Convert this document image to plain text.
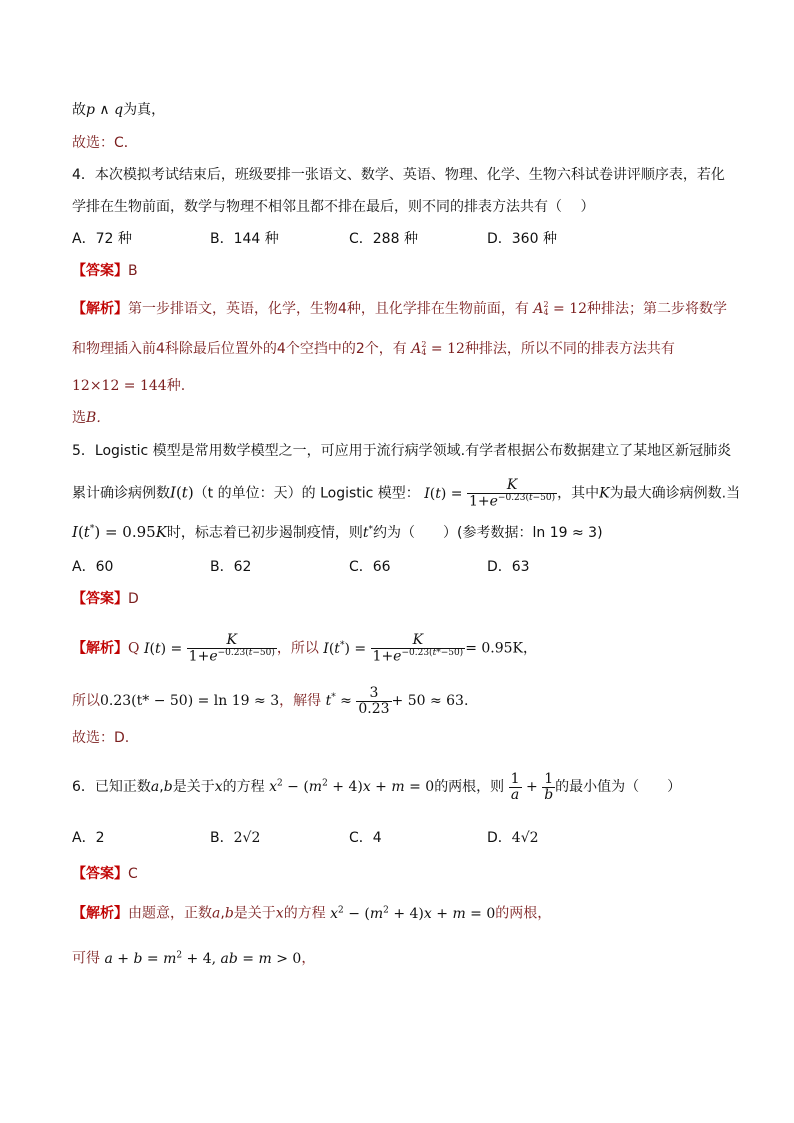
故p ∧ q为真，
故选：C．
4．本次模拟考试结束后，班级要排一张语文、数学、英语、物理、化学、生物六科试卷讲评顺序表，若化
学排在生物前面，数学与物理不相邻且都不排在最后，则不同的排表方法共有（　 ）
A．72 种	B．144 种	C．288 种	D．360 种
【答案】B
【解析】第一步排语文，英语，化学，生物4种，且化学排在生物前面，有 A 2
4 = 12种排法；第二步将数学
和物理插入前4科除最后位置外的4个空挡中的2个，有 A 2
4 = 12种排法，所以不同的排表方法共有
12×12 = 144种.
选B．
5．Logistic 模型是常用数学模型之一，可应用于流行病学领域.有学者根据公布数据建立了某地区新冠肺炎
累计确诊病例数I(t)（t 的单位：天）的 Logistic 模型： $I(t) = \frac{K}{1+e^{-0.23(t-50)}}$ ，其中K为最大确诊病例数.当
I(t*) = 0.95K时，标志着已初步遏制疫情，则t*约为（　　）(参考数据：ln 19 ≈ 3)
A．60	B．62	C．66	D．63
【答案】D
【解析】Q $I(t) = \frac{K}{1+e^{-0.23(t-50)}}$ ，所以 $I(t^*) = \frac{K}{1+e^{-0.23(t*-50)}} = 0.95K$，
所以0.23(t* − 50) = ln 19 ≈ 3，解得 $t^* \approx \frac{3}{0.23} + 50 \approx 63$.
故选：D.
6．已知正数a,b是关于x的方程 $x^2 - (m^2 + 4)x + m = 0$的两根，则 $\frac{1}{a} + \frac{1}{b}$ 的最小值为（　　）
A．2	B．2√2	C．4	D．4√2
【答案】C
【解析】由题意，正数a,b是关于x的方程 $x^2 - (m^2 + 4)x + m = 0$的两根，
可得 $a + b = m^2 + 4$, ab = m > 0，
